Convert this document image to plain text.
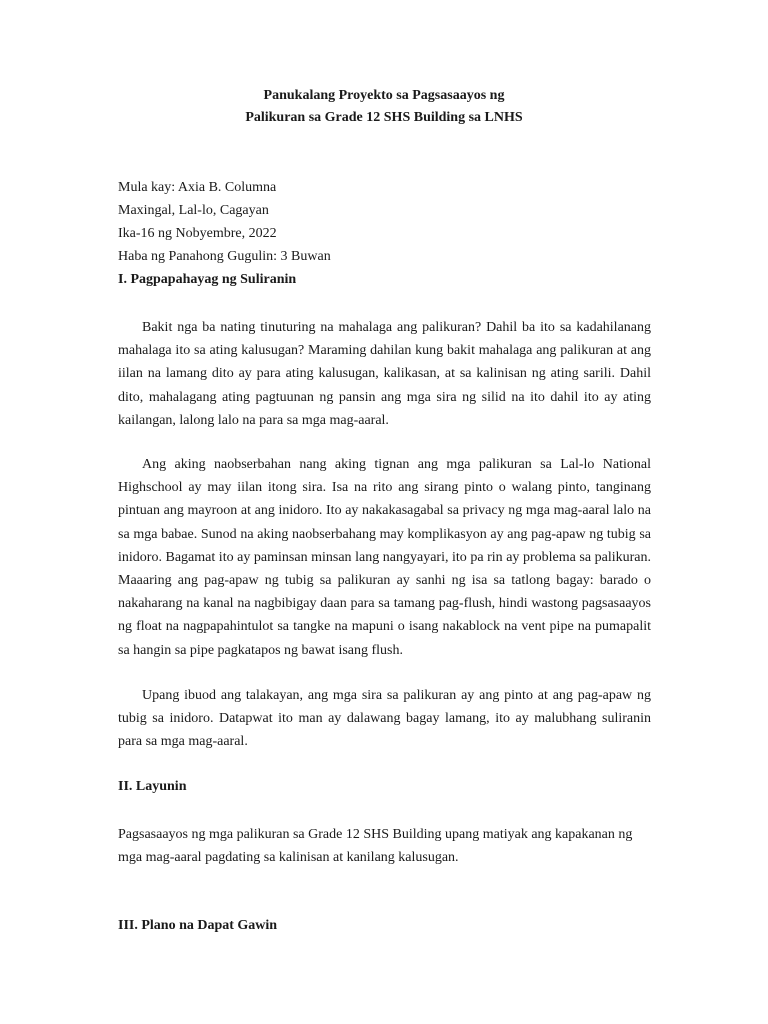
Panukalang Proyekto sa Pagsasaayos ng
Palikuran sa Grade 12 SHS Building sa LNHS
Mula kay: Axia B. Columna
Maxingal, Lal-lo, Cagayan
Ika-16 ng Nobyembre, 2022
Haba ng Panahong Gugulin: 3 Buwan
I. Pagpapahayag ng Suliranin
Bakit nga ba nating tinuturing na mahalaga ang palikuran? Dahil ba ito sa kadahilanang mahalaga ito sa ating kalusugan? Maraming dahilan kung bakit mahalaga ang palikuran at ang iilan na lamang dito ay para ating kalusugan, kalikasan, at sa kalinisan ng ating sarili. Dahil dito, mahalagang ating pagtuunan ng pansin ang mga sira ng silid na ito dahil ito ay ating kailangan, lalong lalo na para sa mga mag-aaral.
Ang aking naobserbahan nang aking tignan ang mga palikuran sa Lal-lo National Highschool ay may iilan itong sira. Isa na rito ang sirang pinto o walang pinto, tanginang pintuan ang mayroon at ang inidoro. Ito ay nakakasagabal sa privacy ng mga mag-aaral lalo na sa mga babae. Sunod na aking naobserbahang may komplikasyon ay ang pag-apaw ng tubig sa inidoro. Bagamat ito ay paminsan minsan lang nangyayari, ito pa rin ay problema sa palikuran. Maaaring ang pag-apaw ng tubig sa palikuran ay sanhi ng isa sa tatlong bagay: barado o nakaharang na kanal na nagbibigay daan para sa tamang pag-flush, hindi wastong pagsasaayos ng float na nagpapahintulot sa tangke na mapuni o isang nakablock na vent pipe na pumapalit sa hangin sa pipe pagkatapos ng bawat isang flush.
Upang ibuod ang talakayan, ang mga sira sa palikuran ay ang pinto at ang pag-apaw ng tubig sa inidoro. Datapwat ito man ay dalawang bagay lamang, ito ay malubhang suliranin para sa mga mag-aaral.
II. Layunin
Pagsasaayos ng mga palikuran sa Grade 12 SHS Building upang matiyak ang kapakanan ng mga mag-aaral pagdating sa kalinisan at kanilang kalusugan.
III. Plano na Dapat Gawin
